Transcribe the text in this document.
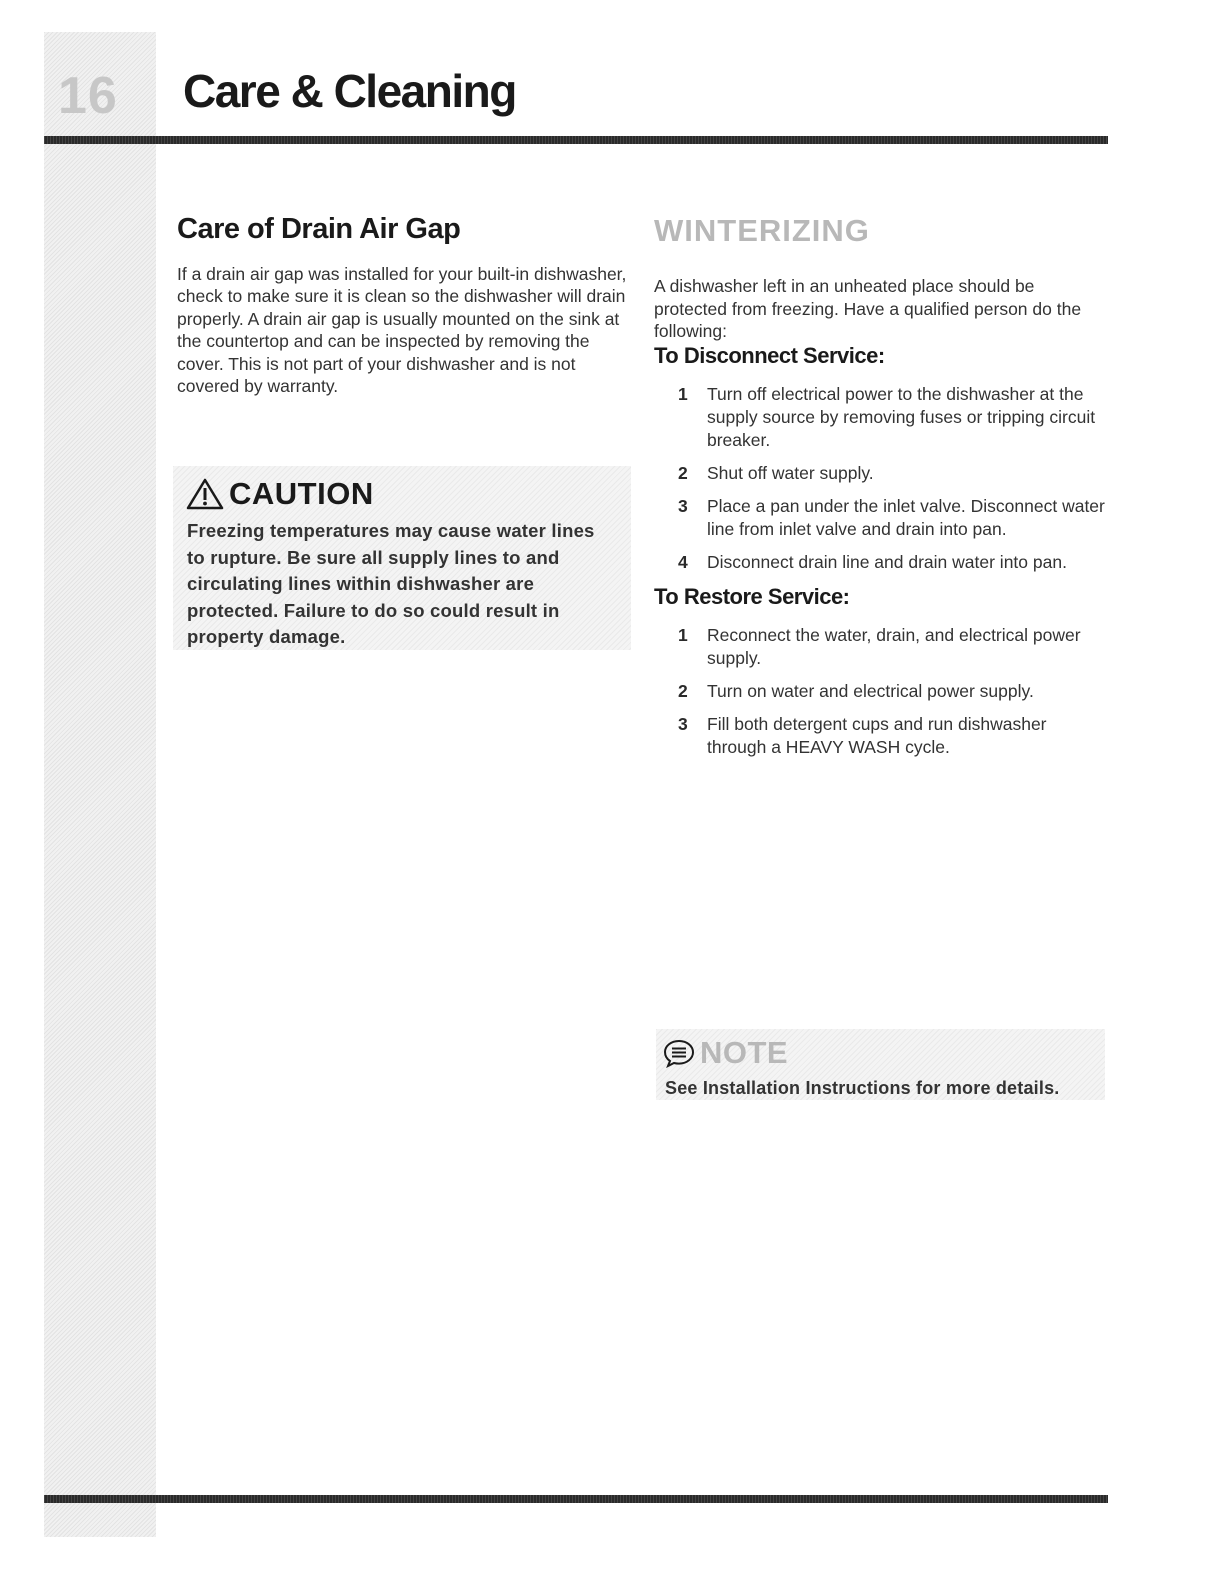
16 Care & Cleaning
Care of Drain Air Gap

If a drain air gap was installed for your built-in dishwasher, check to make sure it is clean so the dishwasher will drain properly. A drain air gap is usually mounted on the sink at the countertop and can be inspected by removing the cover. This is not part of your dishwasher and is not covered by warranty.

CAUTION
Freezing temperatures may cause water lines to rupture. Be sure all supply lines to and circulating lines within dishwasher are protected. Failure to do so could result in property damage.
WINTERIZING

A dishwasher left in an unheated place should be protected from freezing. Have a qualified person do the following:

To Disconnect Service:
1	Turn off electrical power to the dishwasher at the supply source by removing fuses or tripping circuit breaker.
2	Shut off water supply.
3	Place a pan under the inlet valve. Disconnect water line from inlet valve and drain into pan.
4	Disconnect drain line and drain water into pan.
To Restore Service:
1	Reconnect the water, drain, and electrical power supply.
2	Turn on water and electrical power supply.
3	Fill both detergent cups and run dishwasher through a HEAVY WASH cycle.
NOTE
See Installation Instructions for more details.
